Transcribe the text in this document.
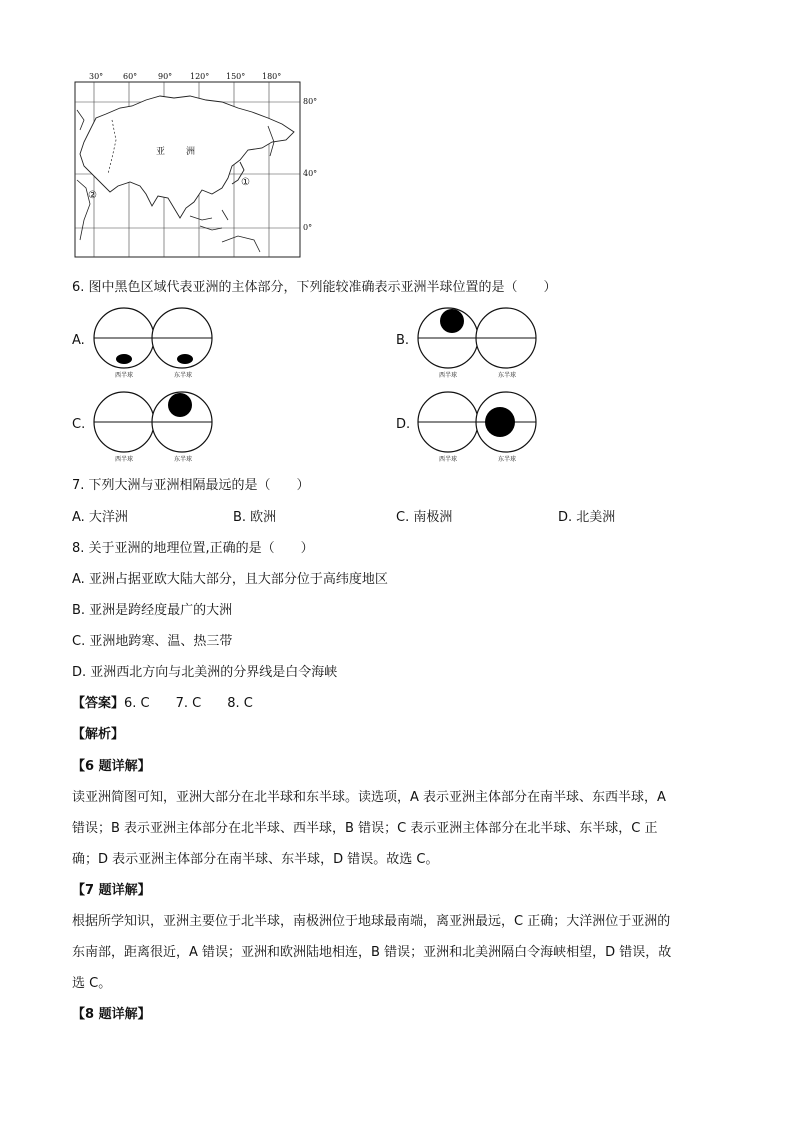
30° 60°	90° 120° 150° 180°
80°
40°
0°
亚 洲
①
②
6. 图中黑色区域代表亚洲的主体部分，下列能较准确表示亚洲半球位置的是（　　）
A.
西半球	东半球
B.
西半球	东半球
C.
西半球	东半球
D.
西半球	东半球
7. 下列大洲与亚洲相隔最远的是（　　）
A. 大洋洲	B. 欧洲	C. 南极洲	D. 北美洲
8. 关于亚洲的地理位置,正确的是（　　）
A. 亚洲占据亚欧大陆大部分，且大部分位于高纬度地区
B. 亚洲是跨经度最广的大洲
C. 亚洲地跨寒、温、热三带
D. 亚洲西北方向与北美洲的分界线是白令海峡
【答案】6. C　　7. C　　8. C
【解析】
【6 题详解】
读亚洲简图可知，亚洲大部分在北半球和东半球。读选项，A 表示亚洲主体部分在南半球、东西半球，A
错误；B 表示亚洲主体部分在北半球、西半球，B 错误；C 表示亚洲主体部分在北半球、东半球，C 正
确；D 表示亚洲主体部分在南半球、东半球，D 错误。故选 C。
【7 题详解】
根据所学知识，亚洲主要位于北半球，南极洲位于地球最南端，离亚洲最远，C 正确；大洋洲位于亚洲的
东南部，距离很近，A 错误；亚洲和欧洲陆地相连，B 错误；亚洲和北美洲隔白令海峡相望，D 错误，故
选 C。
【8 题详解】
